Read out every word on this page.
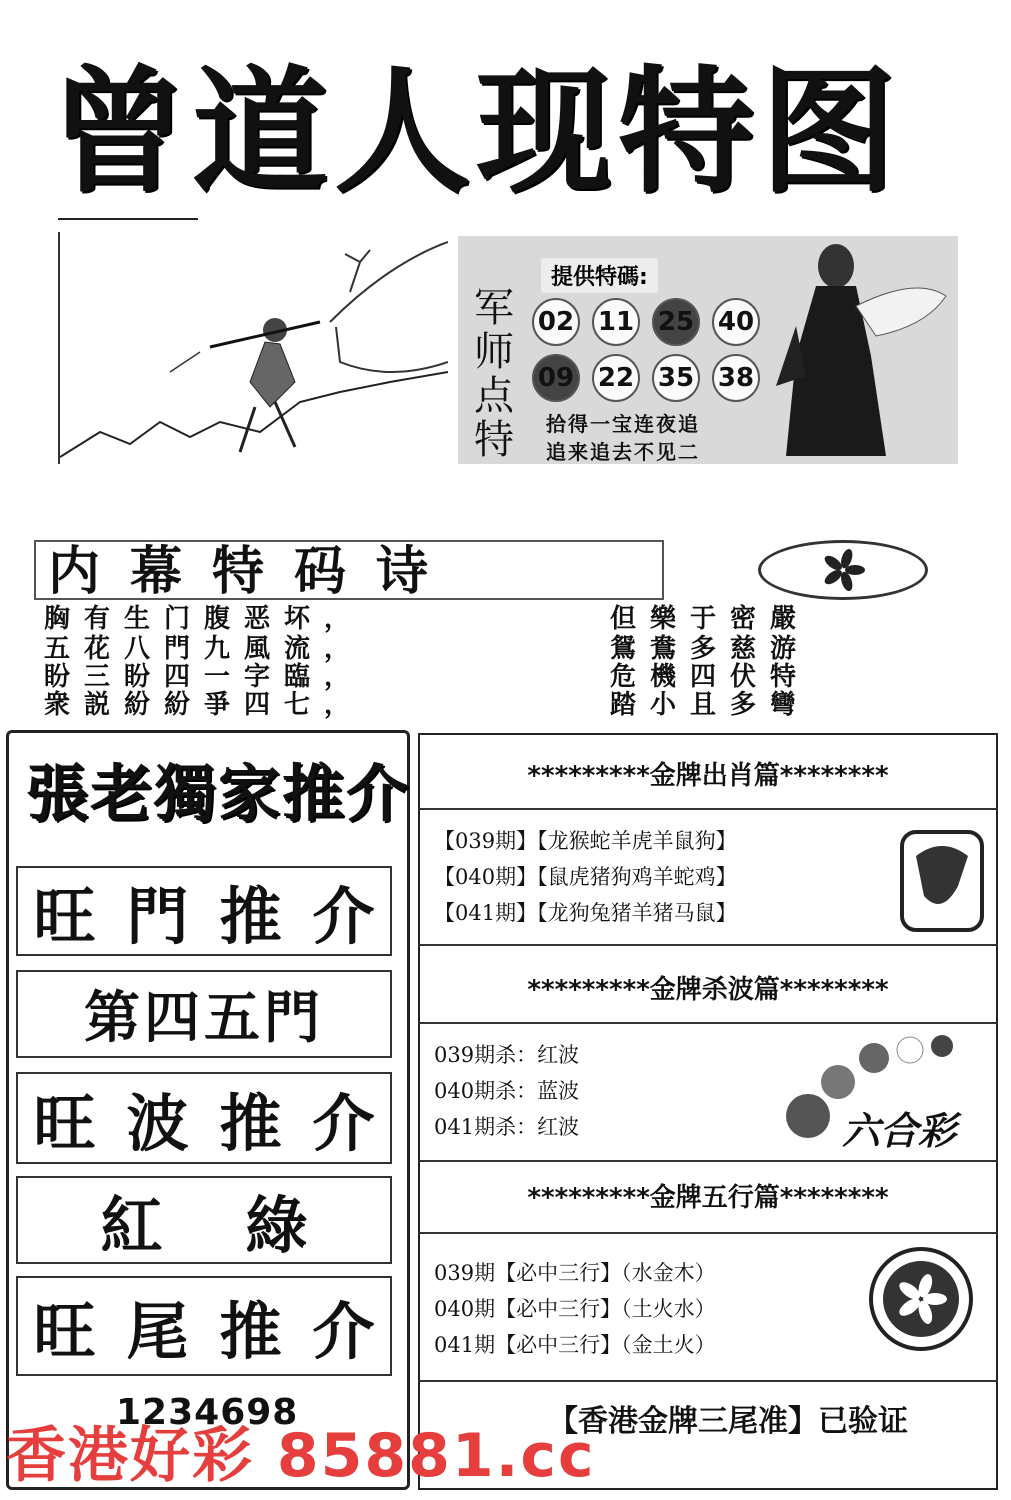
曾道人现特图
提供特碼:
军师点特
02 11 25 40
09 22 35 38
拾得一宝连夜追
追来追去不见二
内幕特码诗
胸有生门腹恶坏，	但樂于密嚴
五花八門九風流，	鴛鴦多慈游
盼三盼四一字臨，	危機四伏特
衆説紛紛爭四七，	踏小且多彎
張老獨家推介
旺 門 推 介
第四五門
旺 波 推 介
紅 綠
旺 尾 推 介
1234698
*********金牌出肖篇********
【039期】【龙猴蛇羊虎羊鼠狗】
【040期】【鼠虎猪狗鸡羊蛇鸡】
【041期】【龙狗兔猪羊猪马鼠】
*********金牌杀波篇********
039期杀：红波
040期杀：蓝波
041期杀：红波	六合彩
*********金牌五行篇********
039期【必中三行】（水金木）
040期【必中三行】（土火水）
041期【必中三行】（金土火）
【香港金牌三尾准】已验证
香港好彩 85881.cc
